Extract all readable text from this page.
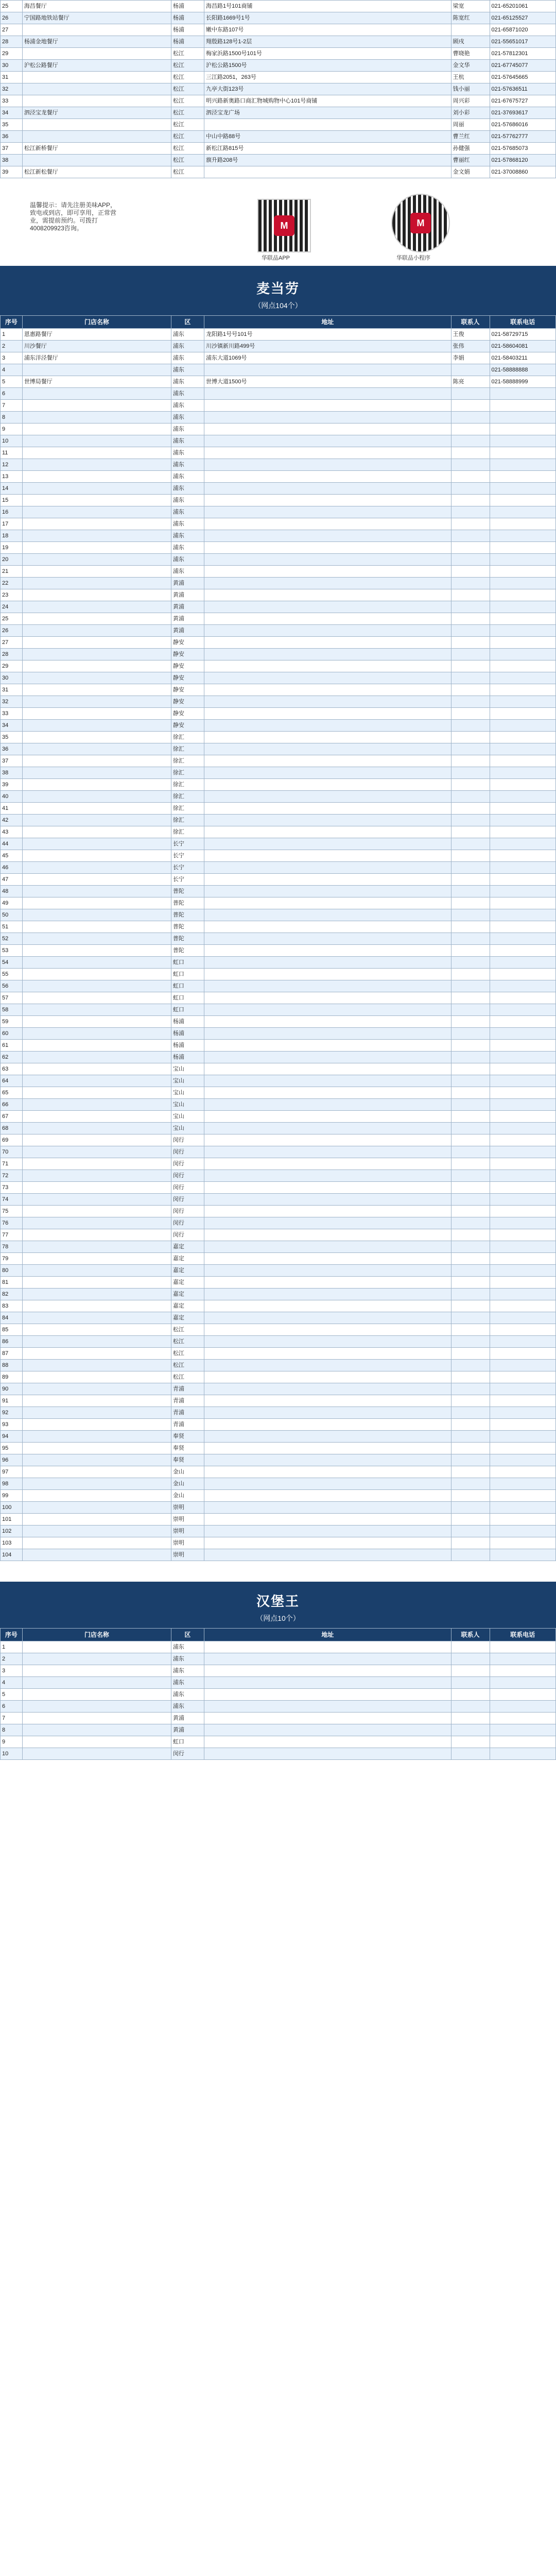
25	海昌餐厅	杨浦	海昌路1号101商铺	梁宽	021-65201061
26	宁国路地铁站餐厅	杨浦	长阳路1669号1号	陈宽红	021-65125527
27		杨浦	嫩中东路107号		021-65871020
28	杨浦金地餐厅	杨浦	翔殷路128号1-2层	顾戌	021-55651017
29		松江	梅家浜路1500号101号	曹晓艳	021-57812301
30	沪松公路餐厅	松江	沪松公路1500号	金文华	021-67745077
31		松江	三江路2051，263号	王杭	021-57645665
32		松江	九亭大街123号	钱小丽	021-57636511
33		松江	明兴路新奥路口商汇物城购物中心101号商铺	周兴彩	021-67675727
34	泗泾宝龙餐厅	松江	泗泾宝龙广场	刘小彩	021-37693617
35		松江		周丽	021-57686016
36		松江	中山中路88号	曹兰红	021-57762777
37	松江新桥餐厅	松江	新松江路815号	孙健强	021-57685073
38		松江	旗升路208号	曹丽红	021-57868120
39	松江新松餐厅	松江		金文娟	021-37008860
温馨提示：请先注册美味APP，致电或到店，即可享用，正常营业，需提前预约。可拨打4008209923咨询。	M
华联品APP
M
华联品小程序
麦当劳
（网点104个）
序号	门店名称	区	地址	联系人	联系电话
1	恩惠路餐厅	浦东	龙阳路1号号101号	王俊	021-58729715
2	川沙餐厅	浦东	川沙镇新川路499号	张伟	021-58604081
3	浦东洋泾餐厅	浦东	浦东大道1069号	李娟	021-58403211
4		浦东			021-58888888
5	世博局餐厅	浦东	世博大道1500号	陈亮	021-58888999
6		浦东			
7		浦东			
8		浦东			
9		浦东			
10		浦东			
11		浦东			
12		浦东			
13		浦东			
14		浦东			
15		浦东			
16		浦东			
17		浦东			
18		浦东			
19		浦东			
20		浦东			
21		浦东			
22		黄浦			
23		黄浦			
24		黄浦			
25		黄浦			
26		黄浦			
27		静安			
28		静安			
29		静安			
30		静安			
31		静安			
32		静安			
33		静安			
34		静安			
35		徐汇			
36		徐汇			
37		徐汇			
38		徐汇			
39		徐汇			
40		徐汇			
41		徐汇			
42		徐汇			
43		徐汇			
44		长宁			
45		长宁			
46		长宁			
47		长宁			
48		普陀			
49		普陀			
50		普陀			
51		普陀			
52		普陀			
53		普陀			
54		虹口			
55		虹口			
56		虹口			
57		虹口			
58		虹口			
59		杨浦			
60		杨浦			
61		杨浦			
62		杨浦			
63		宝山			
64		宝山			
65		宝山			
66		宝山			
67		宝山			
68		宝山			
69		闵行			
70		闵行			
71		闵行			
72		闵行			
73		闵行			
74		闵行			
75		闵行			
76		闵行			
77		闵行			
78		嘉定			
79		嘉定			
80		嘉定			
81		嘉定			
82		嘉定			
83		嘉定			
84		嘉定			
85		松江			
86		松江			
87		松江			
88		松江			
89		松江			
90		青浦			
91		青浦			
92		青浦			
93		青浦			
94		奉贤			
95		奉贤			
96		奉贤			
97		金山			
98		金山			
99		金山			
100		崇明			
101		崇明			
102		崇明			
103		崇明			
104		崇明			
汉堡王
（网点10个）
序号	门店名称	区	地址	联系人	联系电话
1		浦东			
2		浦东			
3		浦东			
4		浦东			
5		浦东			
6		浦东			
7		黄浦			
8		黄浦			
9		虹口			
10		闵行			
